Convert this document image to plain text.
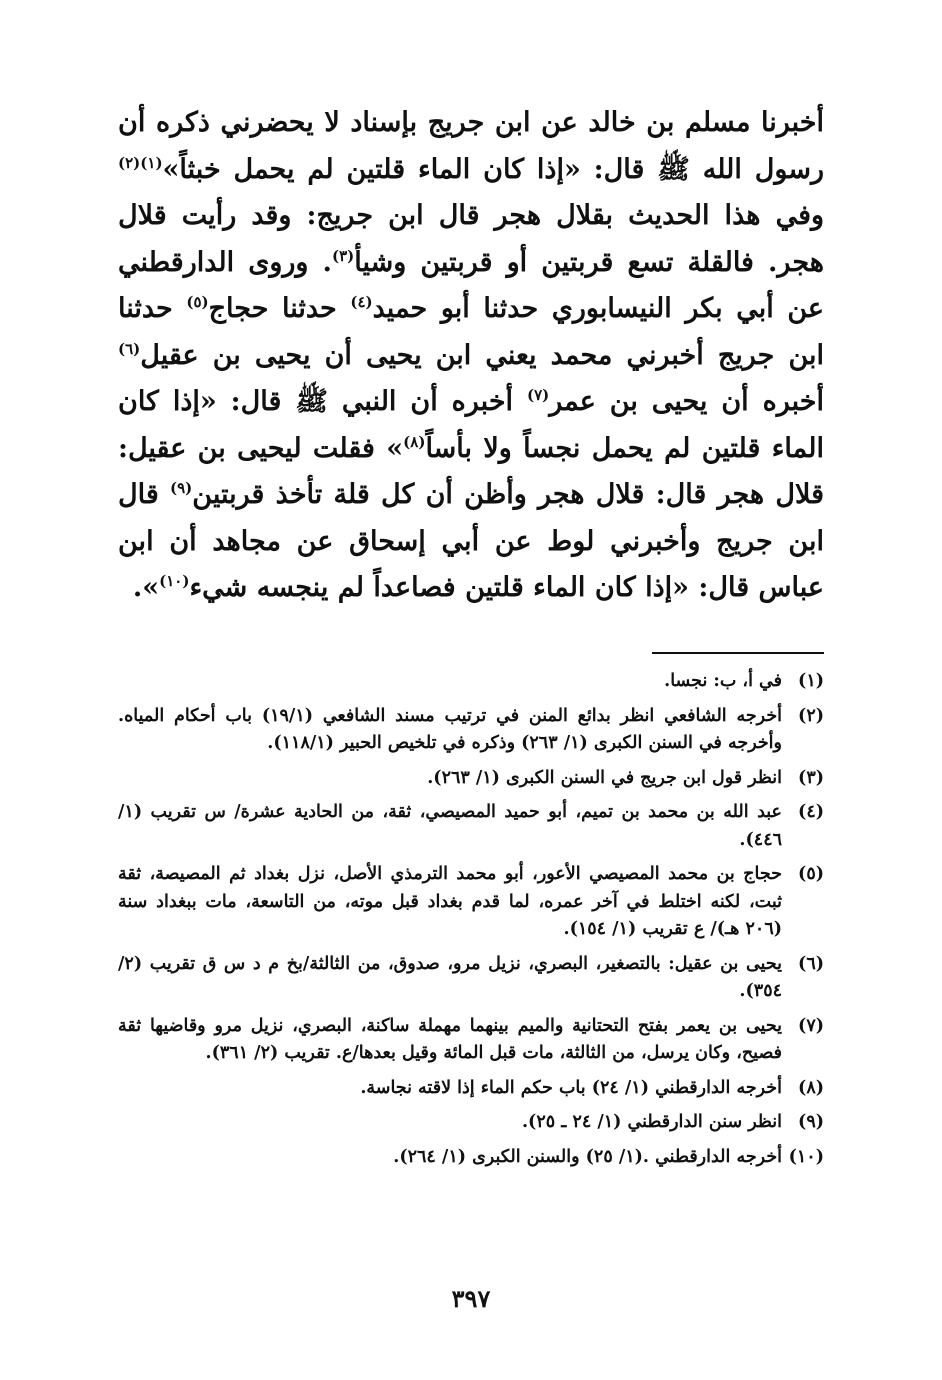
أخبرنا مسلم بن خالد عن ابن جريج بإسناد لا يحضرني ذكره أن رسول الله ﷺ قال: «إذا كان الماء قلتين لم يحمل خبثاً»$^{(١)(٢)}$ وفي هذا الحديث بقلال هجر قال ابن جريج: وقد رأيت قلال هجر. فالقلة تسع قربتين أو قربتين وشيأ$^{(٣)}$. وروى الدارقطني عن أبي بكر النيسابوري حدثنا أبو حميد$^{(٤)}$ حدثنا حجاج$^{(٥)}$ حدثنا ابن جريج أخبرني محمد يعني ابن يحيى أن يحيى بن عقيل$^{(٦)}$ أخبره أن يحيى بن عمر$^{(٧)}$ أخبره أن النبي ﷺ قال: «إذا كان الماء قلتين لم يحمل نجساً ولا بأساً$^{(٨)}$» فقلت ليحيى بن عقيل: قلال هجر قال: قلال هجر وأظن أن كل قلة تأخذ قربتين$^{(٩)}$ قال ابن جريج وأخبرني لوط عن أبي إسحاق عن مجاهد أن ابن عباس قال: «إذا كان الماء قلتين فصاعداً لم ينجسه شيء$^{(١٠)}$».

(١)
في أ، ب: نجسا.
(٢)
أخرجه الشافعي انظر بدائع المنن في ترتيب مسند الشافعي (١٩/١) باب أحكام المياه. وأخرجه في السنن الكبرى (١/ ٢٦٣) وذكره في تلخيص الحبير (١١٨/١).
(٣)
انظر قول ابن جريج في السنن الكبرى (١/ ٢٦٣).
(٤)
عبد الله بن محمد بن تميم، أبو حميد المصيصي، ثقة، من الحادية عشرة/ س تقريب (١/ ٤٤٦).
(٥)
حجاج بن محمد المصيصي الأعور، أبو محمد الترمذي الأصل، نزل بغداد ثم المصيصة، ثقة ثبت، لكنه اختلط في آخر عمره، لما قدم بغداد قبل موته، من التاسعة، مات ببغداد سنة (٢٠٦ هـ)/ ع تقريب (١/ ١٥٤).
(٦)
يحيى بن عقيل: بالتصغير، البصري، نزيل مرو، صدوق، من الثالثة/بخ م د س ق تقريب (٢/ ٣٥٤).
(٧)
يحيى بن يعمر بفتح التحتانية والميم بينهما مهملة ساكنة، البصري، نزيل مرو وقاضيها ثقة فصيح، وكان يرسل، من الثالثة، مات قبل المائة وقيل بعدها/ع. تقريب (٢/ ٣٦١).
(٨)
أخرجه الدارقطني (١/ ٢٤) باب حكم الماء إذا لاقته نجاسة.
(٩)
انظر سنن الدارقطني (١/ ٢٤ ـ ٢٥).
(١٠)
أخرجه الدارقطني .(١/ ٢٥) والسنن الكبرى (١/ ٢٦٤).
٣٩٧
